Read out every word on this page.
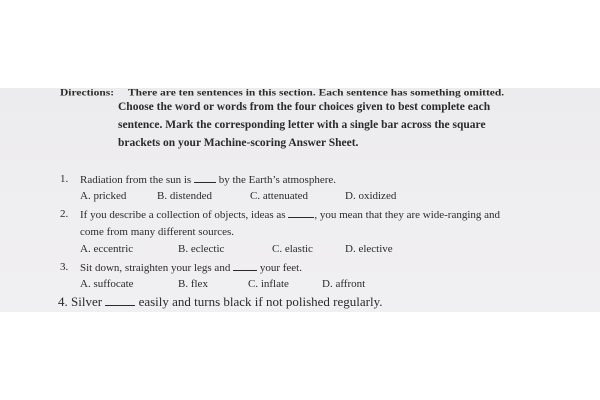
Directions: There are ten sentences in this section. Each sentence has something omitted.
Choose the word or words from the four choices given to best complete each
sentence. Mark the corresponding letter with a single bar across the square
brackets on your Machine-scoring Answer Sheet.
1. Radiation from the sun is	by the Earth’s atmosphere.
A. pricked	B. distended	C. attenuated	D. oxidized
2. If you describe a collection of objects, ideas as	, you mean that they are wide-ranging and
come from many different sources.
A. eccentric	B. eclectic	C. elastic	D. elective
3. Sit down, straighten your legs and	your feet.
A. suffocate	B. flex	C. inflate	D. affront
4. Silver	easily and turns black if not polished regularly.
